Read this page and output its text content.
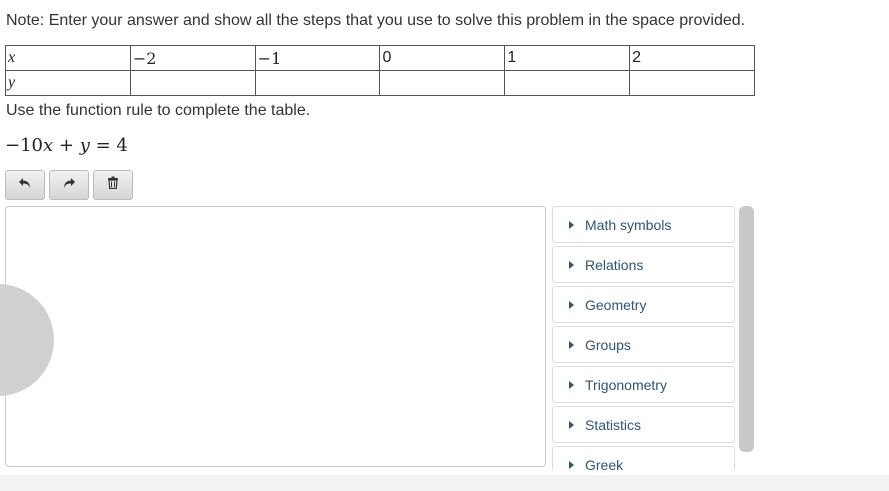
Note: Enter your answer and show all the steps that you use to solve this problem in the space provided.
x	−2	−1	0	1	2
y					
Use the function rule to complete the table.
−10x + y = 4
Math symbols
Relations
Geometry
Groups
Trigonometry
Statistics
Greek
